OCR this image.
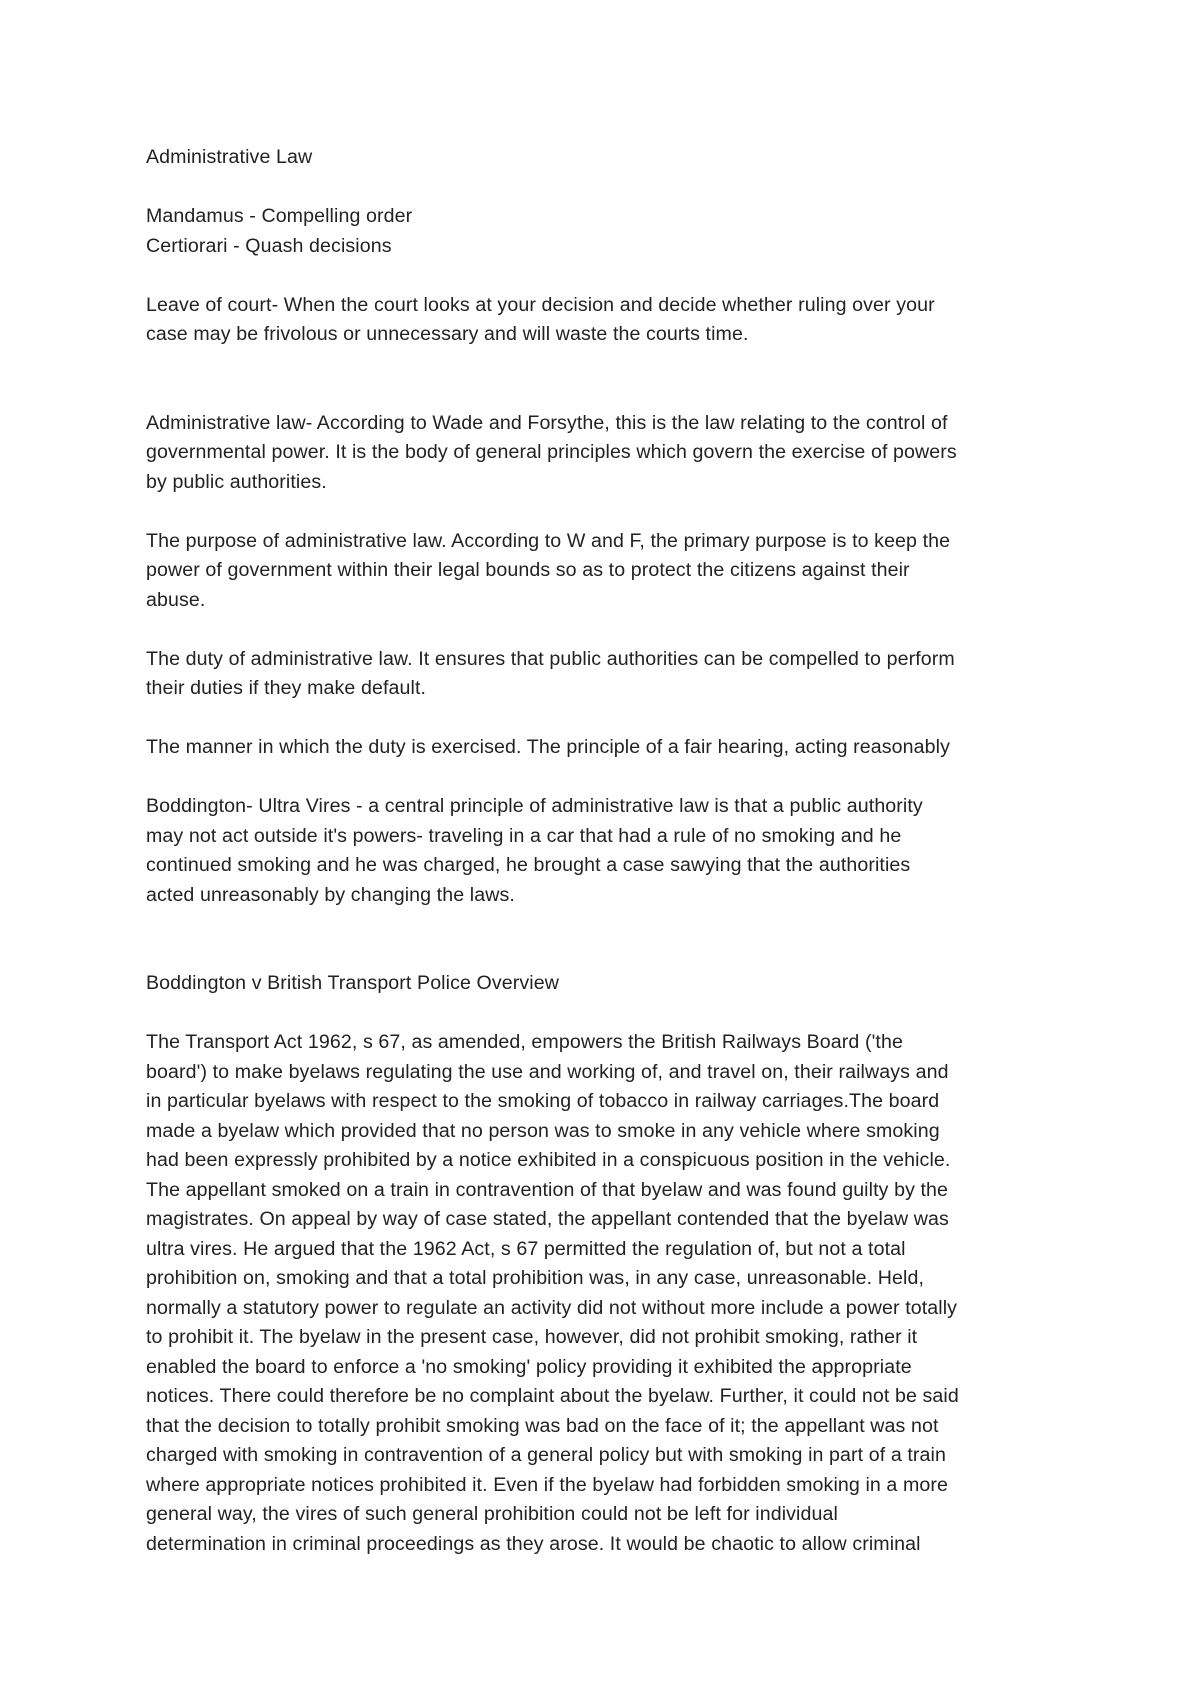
Administrative Law
Mandamus - Compelling order
Certiorari - Quash decisions
Leave of court- When the court looks at your decision and decide whether ruling over your
case may be frivolous or unnecessary and will waste the courts time.
Administrative law- According to Wade and Forsythe, this is the law relating to the control of
governmental power. It is the body of general principles which govern the exercise of powers
by public authorities.
The purpose of administrative law. According to W and F, the primary purpose is to keep the
power of government within their legal bounds so as to protect the citizens against their
abuse.
The duty of administrative law. It ensures that public authorities can be compelled to perform
their duties if they make default.
The manner in which the duty is exercised. The principle of a fair hearing, acting reasonably
Boddington- Ultra Vires - a central principle of administrative law is that a public authority
may not act outside it's powers- traveling in a car that had a rule of no smoking and he
continued smoking and he was charged, he brought a case sawying that the authorities
acted unreasonably by changing the laws.
Boddington v British Transport Police Overview
The Transport Act 1962, s 67, as amended, empowers the British Railways Board ('the
board') to make byelaws regulating the use and working of, and travel on, their railways and
in particular byelaws with respect to the smoking of tobacco in railway carriages.The board
made a byelaw which provided that no person was to smoke in any vehicle where smoking
had been expressly prohibited by a notice exhibited in a conspicuous position in the vehicle.
The appellant smoked on a train in contravention of that byelaw and was found guilty by the
magistrates. On appeal by way of case stated, the appellant contended that the byelaw was
ultra vires. He argued that the 1962 Act, s 67 permitted the regulation of, but not a total
prohibition on, smoking and that a total prohibition was, in any case, unreasonable. Held,
normally a statutory power to regulate an activity did not without more include a power totally
to prohibit it. The byelaw in the present case, however, did not prohibit smoking, rather it
enabled the board to enforce a 'no smoking' policy providing it exhibited the appropriate
notices. There could therefore be no complaint about the byelaw. Further, it could not be said
that the decision to totally prohibit smoking was bad on the face of it; the appellant was not
charged with smoking in contravention of a general policy but with smoking in part of a train
where appropriate notices prohibited it. Even if the byelaw had forbidden smoking in a more
general way, the vires of such general prohibition could not be left for individual
determination in criminal proceedings as they arose. It would be chaotic to allow criminal
